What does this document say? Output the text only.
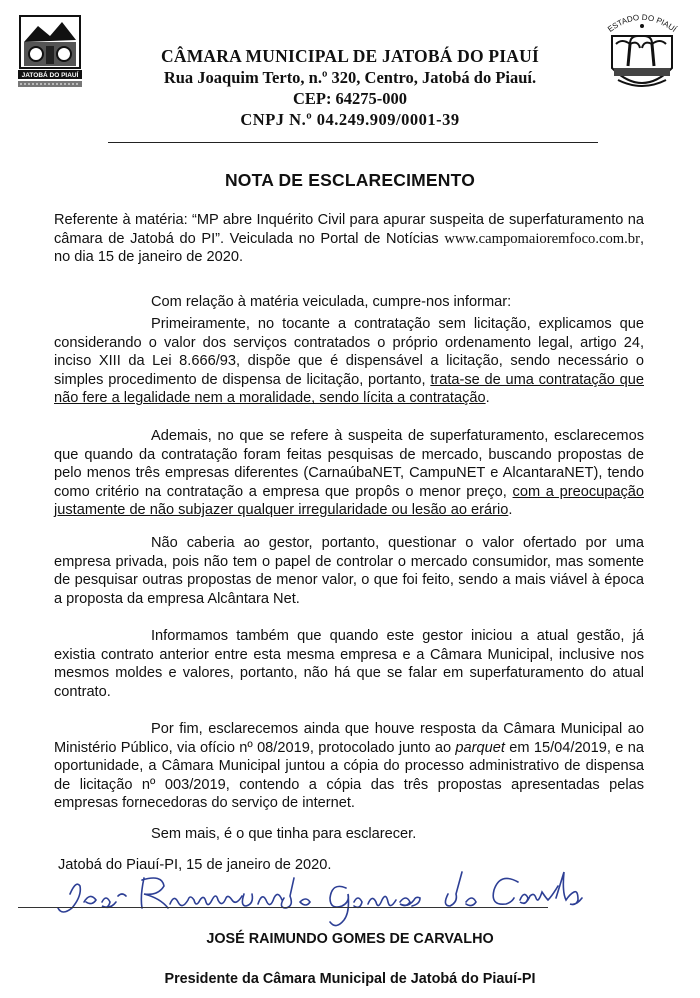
JATOBÁ DO PIAUÍ
ESTADO DO PIAUÍ
CÂMARA MUNICIPAL DE JATOBÁ DO PIAUÍ
Rua Joaquim Terto, n.º 320, Centro, Jatobá do Piauí.
CEP: 64275-000
CNPJ N.º 04.249.909/0001-39
NOTA DE ESCLARECIMENTO

Referente à matéria: “MP abre Inquérito Civil para apurar suspeita de superfaturamento na câmara de Jatobá do PI”. Veiculada no Portal de Notícias www.campomaioremfoco.com.br, no dia 15 de janeiro de 2020.

Com relação à matéria veiculada, cumpre-nos informar:

Primeiramente, no tocante a contratação sem licitação, explicamos que considerando o valor dos serviços contratados o próprio ordenamento legal, artigo 24, inciso XIII da Lei 8.666/93, dispõe que é dispensável a licitação, sendo necessário o simples procedimento de dispensa de licitação, portanto, trata-se de uma contratação que não fere a legalidade nem a moralidade, sendo lícita a contratação.

Ademais, no que se refere à suspeita de superfaturamento, esclarecemos que quando da contratação foram feitas pesquisas de mercado, buscando propostas de pelo menos três empresas diferentes (CarnaúbaNET, CampuNET e AlcantaraNET), tendo como critério na contratação a empresa que propôs o menor preço, com a preocupação justamente de não subjazer qualquer irregularidade ou lesão ao erário.

Não caberia ao gestor, portanto, questionar o valor ofertado por uma empresa privada, pois não tem o papel de controlar o mercado consumidor, mas somente de pesquisar outras propostas de menor valor, o que foi feito, sendo a mais viável à época a proposta da empresa Alcântara Net.

Informamos também que quando este gestor iniciou a atual gestão, já existia contrato anterior entre esta mesma empresa e a Câmara Municipal, inclusive nos mesmos moldes e valores, portanto, não há que se falar em superfaturamento do atual contrato.

Por fim, esclarecemos ainda que houve resposta da Câmara Municipal ao Ministério Público, via ofício nº 08/2019, protocolado junto ao parquet em 15/04/2019, e na oportunidade, a Câmara Municipal juntou a cópia do processo administrativo de dispensa de licitação nº 003/2019, contendo a cópia das três propostas apresentadas pelas empresas fornecedoras do serviço de internet.

Sem mais, é o que tinha para esclarecer.

Jatobá do Piauí-PI, 15 de janeiro de 2020.

JOSÉ RAIMUNDO GOMES DE CARVALHO
Presidente da Câmara Municipal de Jatobá do Piauí-PI
